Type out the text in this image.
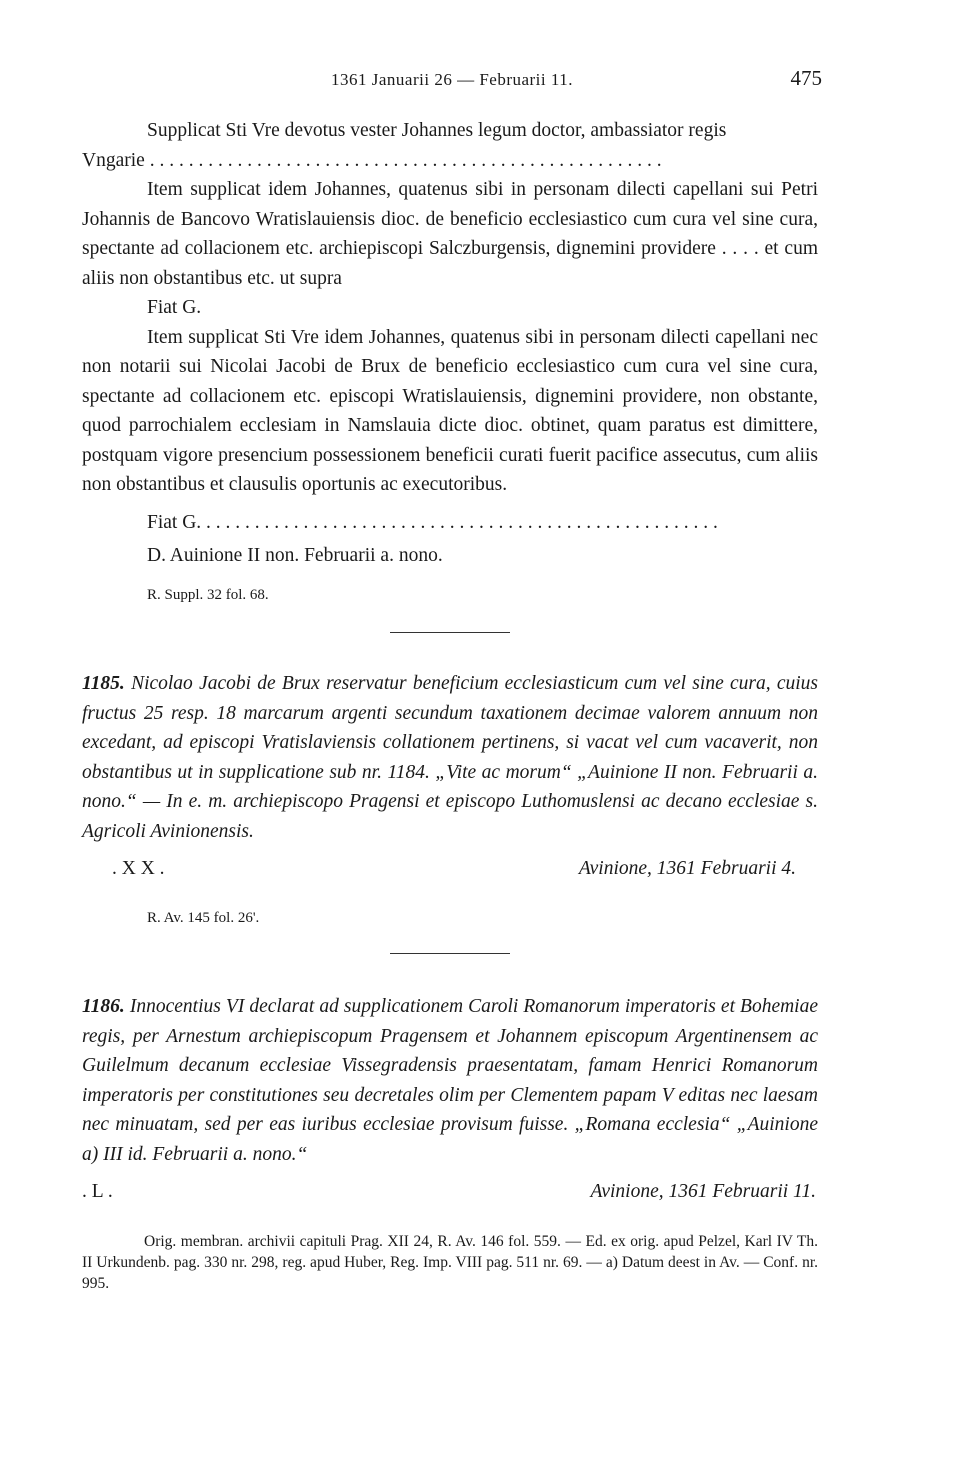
1361 Januarii 26 — Februarii 11.	475

Supplicat Sti Vre devotus vester Johannes legum doctor, ambassiator regis

Vngarie . . .

Item supplicat idem Johannes, quatenus sibi in personam dilecti capellani sui Petri Johannis de Bancovo Wratislauiensis dioc. de beneficio ecclesiastico cum cura vel sine cura, spectante ad collacionem etc. archiepiscopi Salczburgensis, dignemini providere . . . . et cum aliis non obstantibus etc. ut supra

Fiat G.

Item supplicat Sti Vre idem Johannes, quatenus sibi in personam dilecti capellani nec non notarii sui Nicolai Jacobi de Brux de beneficio ecclesiastico cum cura vel sine cura, spectante ad collacionem etc. episcopi Wratislauiensis, dignemini providere, non obstante, quod parrochialem ecclesiam in Namslauia dicte dioc. obtinet, quam paratus est dimittere, postquam vigore presencium possessionem beneficii curati fuerit pacifice assecutus, cum aliis non obstantibus et clausulis oportunis ac executoribus.

Fiat G. . . .

D. Auinione II non. Februarii a. nono.

R. Suppl. 32 fol. 68.

1185. Nicolao Jacobi de Brux reservatur beneficium ecclesiasticum cum vel sine cura, cuius fructus 25 resp. 18 marcarum argenti secundum taxationem decimae valorem annuum non excedant, ad episcopi Vratislaviensis collationem pertinens, si vacat vel cum vacaverit, non obstantibus ut in supplicatione sub nr. 1184. „Vite ac morum“ „Auinione II non. Februarii a. nono.“ — In e. m. archiepiscopo Pragensi et episcopo Luthomuslensi ac decano ecclesiae s. Agricoli Avinionensis.

. X X .	Avinione, 1361 Februarii 4.

R. Av. 145 fol. 26'.

1186. Innocentius VI declarat ad supplicationem Caroli Romanorum imperatoris et Bohemiae regis, per Arnestum archiepiscopum Pragensem et Johannem episcopum Argentinensem ac Guilelmum decanum ecclesiae Vissegradensis praesentatam, famam Henrici Romanorum imperatoris per constitutiones seu decretales olim per Clementem papam V editas nec laesam nec minuatam, sed per eas iuribus ecclesiae provisum fuisse. „Romana ecclesia“ „Auinione a) III id. Februarii a. nono.“

. L .	Avinione, 1361 Februarii 11.

Orig. membran. archivii capituli Prag. XII 24, R. Av. 146 fol. 559. — Ed. ex orig. apud Pelzel, Karl IV Th. II Urkundenb. pag. 330 nr. 298, reg. apud Huber, Reg. Imp. VIII pag. 511 nr. 69. — a) Datum deest in Av. — Conf. nr. 995.
